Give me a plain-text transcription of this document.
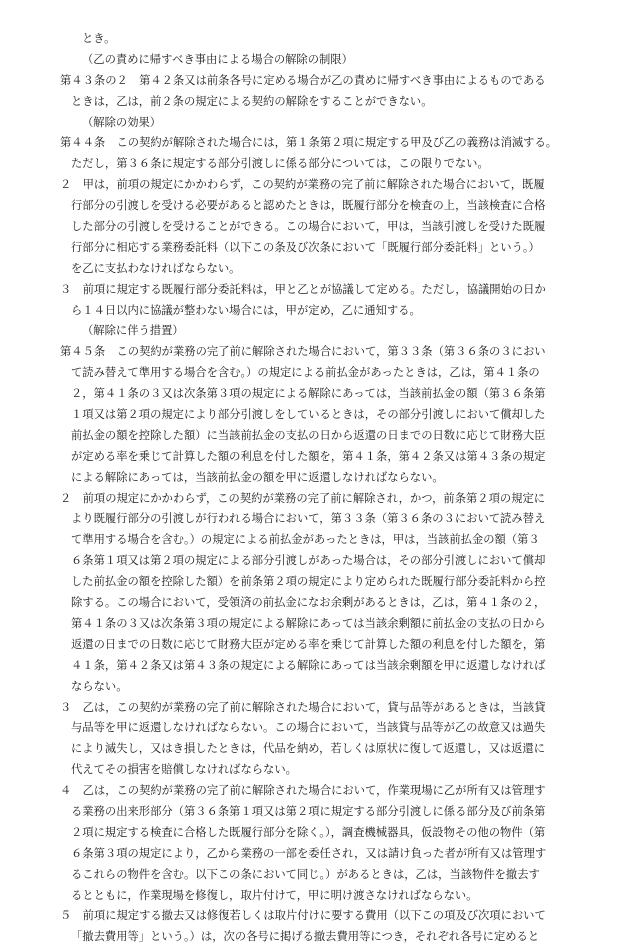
とき。
（乙の責めに帰すべき事由による場合の解除の制限）
第４３条の２　第４２条又は前条各号に定める場合が乙の責めに帰すべき事由によるものである
ときは，乙は，前２条の規定による契約の解除をすることができない。
（解除の効果）
第４４条　この契約が解除された場合には，第１条第２項に規定する甲及び乙の義務は消滅する。
ただし，第３６条に規定する部分引渡しに係る部分については，この限りでない。
２　甲は，前項の規定にかかわらず，この契約が業務の完了前に解除された場合において，既履
行部分の引渡しを受ける必要があると認めたときは，既履行部分を検査の上，当該検査に合格
した部分の引渡しを受けることができる。この場合において，甲は，当該引渡しを受けた既履
行部分に相応する業務委託料（以下この条及び次条において「既履行部分委託料」という。）
を乙に支払わなければならない。
３　前項に規定する既履行部分委託料は，甲と乙とが協議して定める。ただし，協議開始の日か
ら１４日以内に協議が整わない場合には，甲が定め，乙に通知する。
（解除に伴う措置）
第４５条　この契約が業務の完了前に解除された場合において，第３３条（第３６条の３におい
て読み替えて準用する場合を含む。）の規定による前払金があったときは，乙は，第４１条の
２，第４１条の３又は次条第３項の規定による解除にあっては，当該前払金の額（第３６条第
１項又は第２項の規定により部分引渡しをしているときは，その部分引渡しにおいて償却した
前払金の額を控除した額）に当該前払金の支払の日から返還の日までの日数に応じて財務大臣
が定める率を乗じて計算した額の利息を付した額を，第４１条，第４２条又は第４３条の規定
による解除にあっては，当該前払金の額を甲に返還しなければならない。
２　前項の規定にかかわらず，この契約が業務の完了前に解除され，かつ，前条第２項の規定に
より既履行部分の引渡しが行われる場合において，第３３条（第３６条の３において読み替え
て準用する場合を含む。）の規定による前払金があったときは，甲は，当該前払金の額（第３
６条第１項又は第２項の規定による部分引渡しがあった場合は，その部分引渡しにおいて償却
した前払金の額を控除した額）を前条第２項の規定により定められた既履行部分委託料から控
除する。この場合において，受領済の前払金になお余剰があるときは，乙は，第４１条の２，
第４１条の３又は次条第３項の規定による解除にあっては当該余剰額に前払金の支払の日から
返還の日までの日数に応じて財務大臣が定める率を乗じて計算した額の利息を付した額を，第
４１条，第４２条又は第４３条の規定による解除にあっては当該余剰額を甲に返還しなければ
ならない。
３　乙は，この契約が業務の完了前に解除された場合において，貸与品等があるときは，当該貸
与品等を甲に返還しなければならない。この場合において，当該貸与品等が乙の故意又は過失
により滅失し，又はき損したときは，代品を納め，若しくは原状に復して返還し，又は返還に
代えてその損害を賠償しなければならない。
４　乙は，この契約が業務の完了前に解除された場合において，作業現場に乙が所有又は管理す
る業務の出来形部分（第３６条第１項又は第２項に規定する部分引渡しに係る部分及び前条第
２項に規定する検査に合格した既履行部分を除く。），調査機械器具，仮設物その他の物件（第
６条第３項の規定により，乙から業務の一部を委任され，又は請け負った者が所有又は管理す
るこれらの物件を含む。以下この条において同じ。）があるときは，乙は，当該物件を撤去す
るとともに，作業現場を修復し，取片付けて，甲に明け渡さなければならない。
５　前項に規定する撤去又は修復若しくは取片付けに要する費用（以下この項及び次項において
「撤去費用等」という。）は，次の各号に掲げる撤去費用等につき，それぞれ各号に定めると
